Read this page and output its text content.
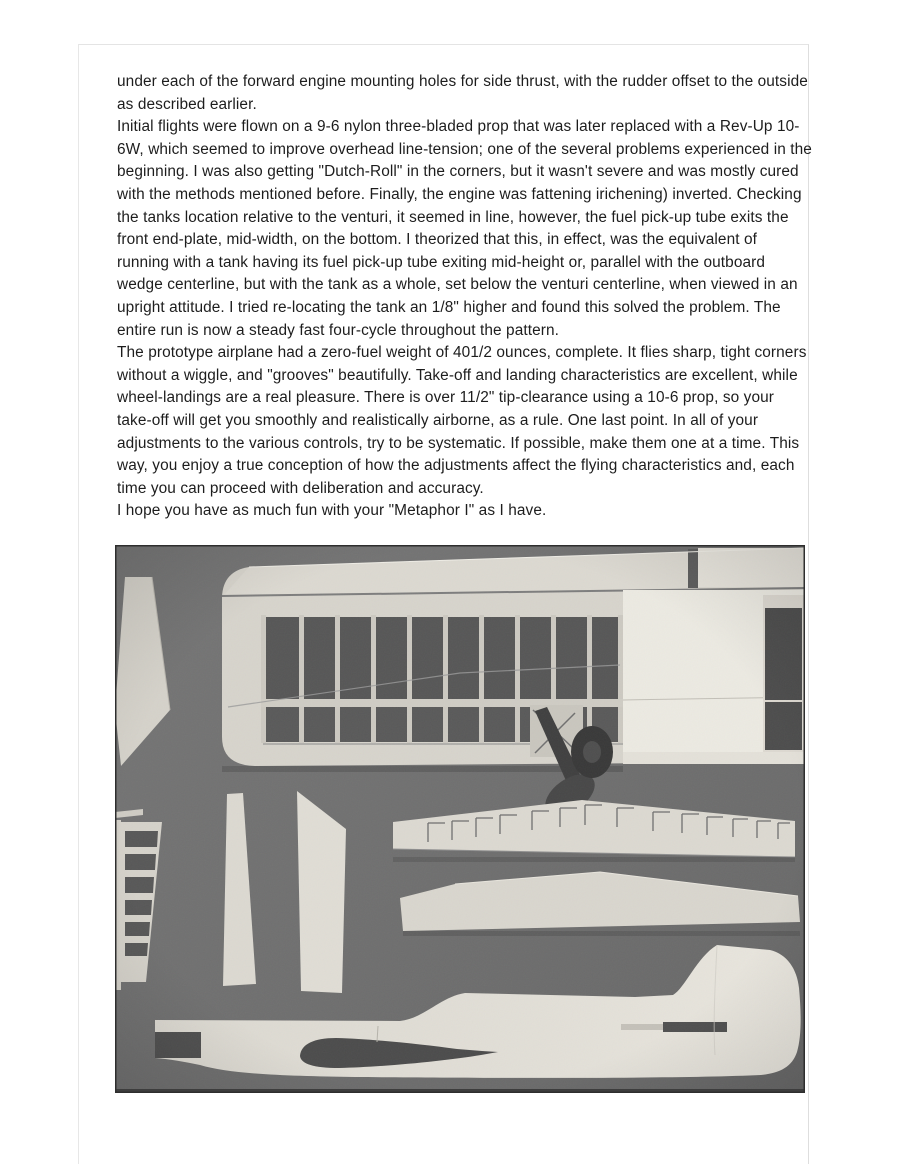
under each of the forward engine mounting holes for side thrust, with the rudder offset to the outside as described earlier.

Initial flights were flown on a 9-6 nylon three-bladed prop that was later replaced with a Rev-Up 10-6W, which seemed to improve overhead line-tension; one of the several problems experienced in the beginning. I was also getting "Dutch-Roll" in the corners, but it wasn't severe and was mostly cured with the methods mentioned before. Finally, the engine was fattening irichening) inverted. Checking the tanks location relative to the venturi, it seemed in line, however, the fuel pick-up tube exits the front end-plate, mid-width, on the bottom. I theorized that this, in effect, was the equivalent of running with a tank having its fuel pick-up tube exiting mid-height or, parallel with the outboard wedge centerline, but with the tank as a whole, set below the venturi centerline, when viewed in an upright attitude. I tried re-locating the tank an 1/8" higher and found this solved the problem. The entire run is now a steady fast four-cycle throughout the pattern.

The prototype airplane had a zero-fuel weight of 401/2 ounces, complete. It flies sharp, tight corners without a wiggle, and "grooves" beautifully. Take-off and landing characteristics are excellent, while wheel-landings are a real pleasure. There is over 11/2" tip-clearance using a 10-6 prop, so your take-off will get you smoothly and realistically airborne, as a rule. One last point. In all of your adjustments to the various controls, try to be systematic. If possible, make them one at a time. This way, you enjoy a true conception of how the adjustments affect the flying characteristics and, each time you can proceed with deliberation and accuracy.

I hope you have as much fun with your "Metaphor I" as I have.
